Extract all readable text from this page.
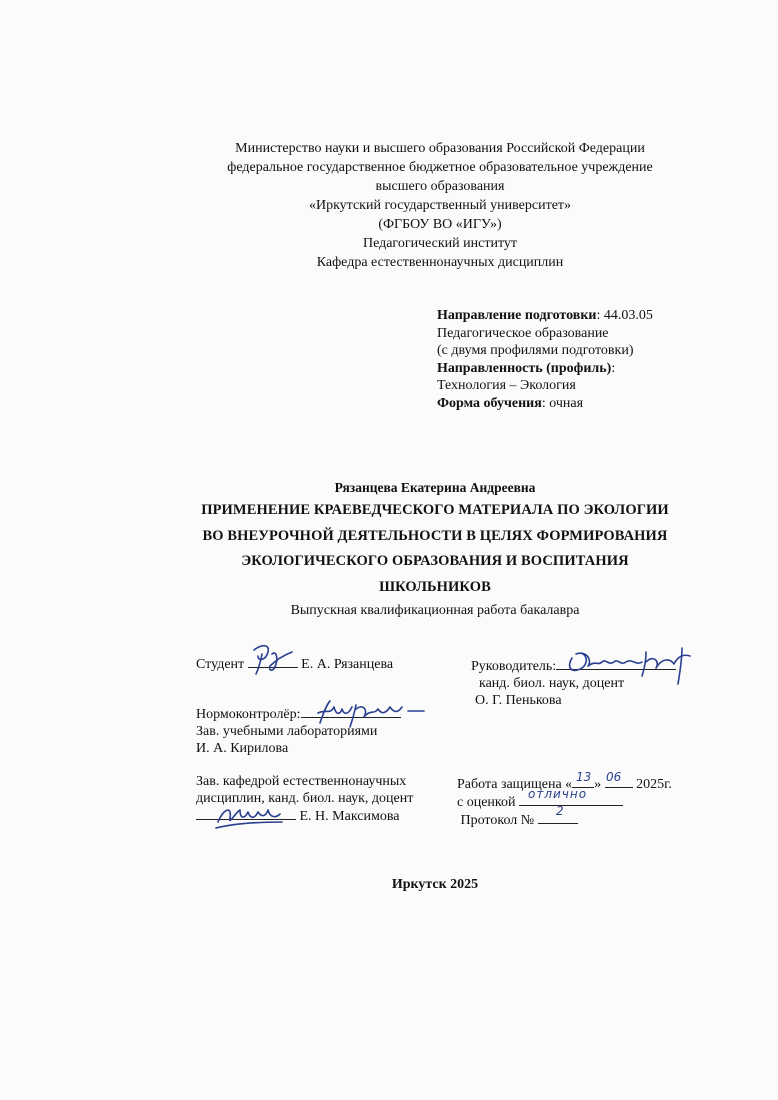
Министерство науки и высшего образования Российской Федерации
федеральное государственное бюджетное образовательное учреждение
высшего образования
«Иркутский государственный университет»
(ФГБОУ ВО «ИГУ»)
Педагогический институт
Кафедра естественнонаучных дисциплин
Направление подготовки: 44.03.05
Педагогическое образование
(с двумя профилями подготовки)
Направленность (профиль):
Технология – Экология
Форма обучения: очная
Рязанцева Екатерина Андреевна
ПРИМЕНЕНИЕ КРАЕВЕДЧЕСКОГО МАТЕРИАЛА ПО ЭКОЛОГИИ
ВО ВНЕУРОЧНОЙ ДЕЯТЕЛЬНОСТИ В ЦЕЛЯХ ФОРМИРОВАНИЯ
ЭКОЛОГИЧЕСКОГО ОБРАЗОВАНИЯ И ВОСПИТАНИЯ
ШКОЛЬНИКОВ
Выпускная квалификационная работа бакалавра
Студент	Е. А. Рязанцева	Руководитель:
канд. биол. наук, доцент
О. Г. Пенькова
Нормоконтролёр:
Зав. учебными лабораториями
И. А. Кирилова
Зав. кафедрой естественнонаучных
дисциплин, канд. биол. наук, доцент
Е. Н. Максимова
Работа защищена « »	2025г.
с оценкой
Протокол №
13 06
отлично
2
Иркутск 2025
